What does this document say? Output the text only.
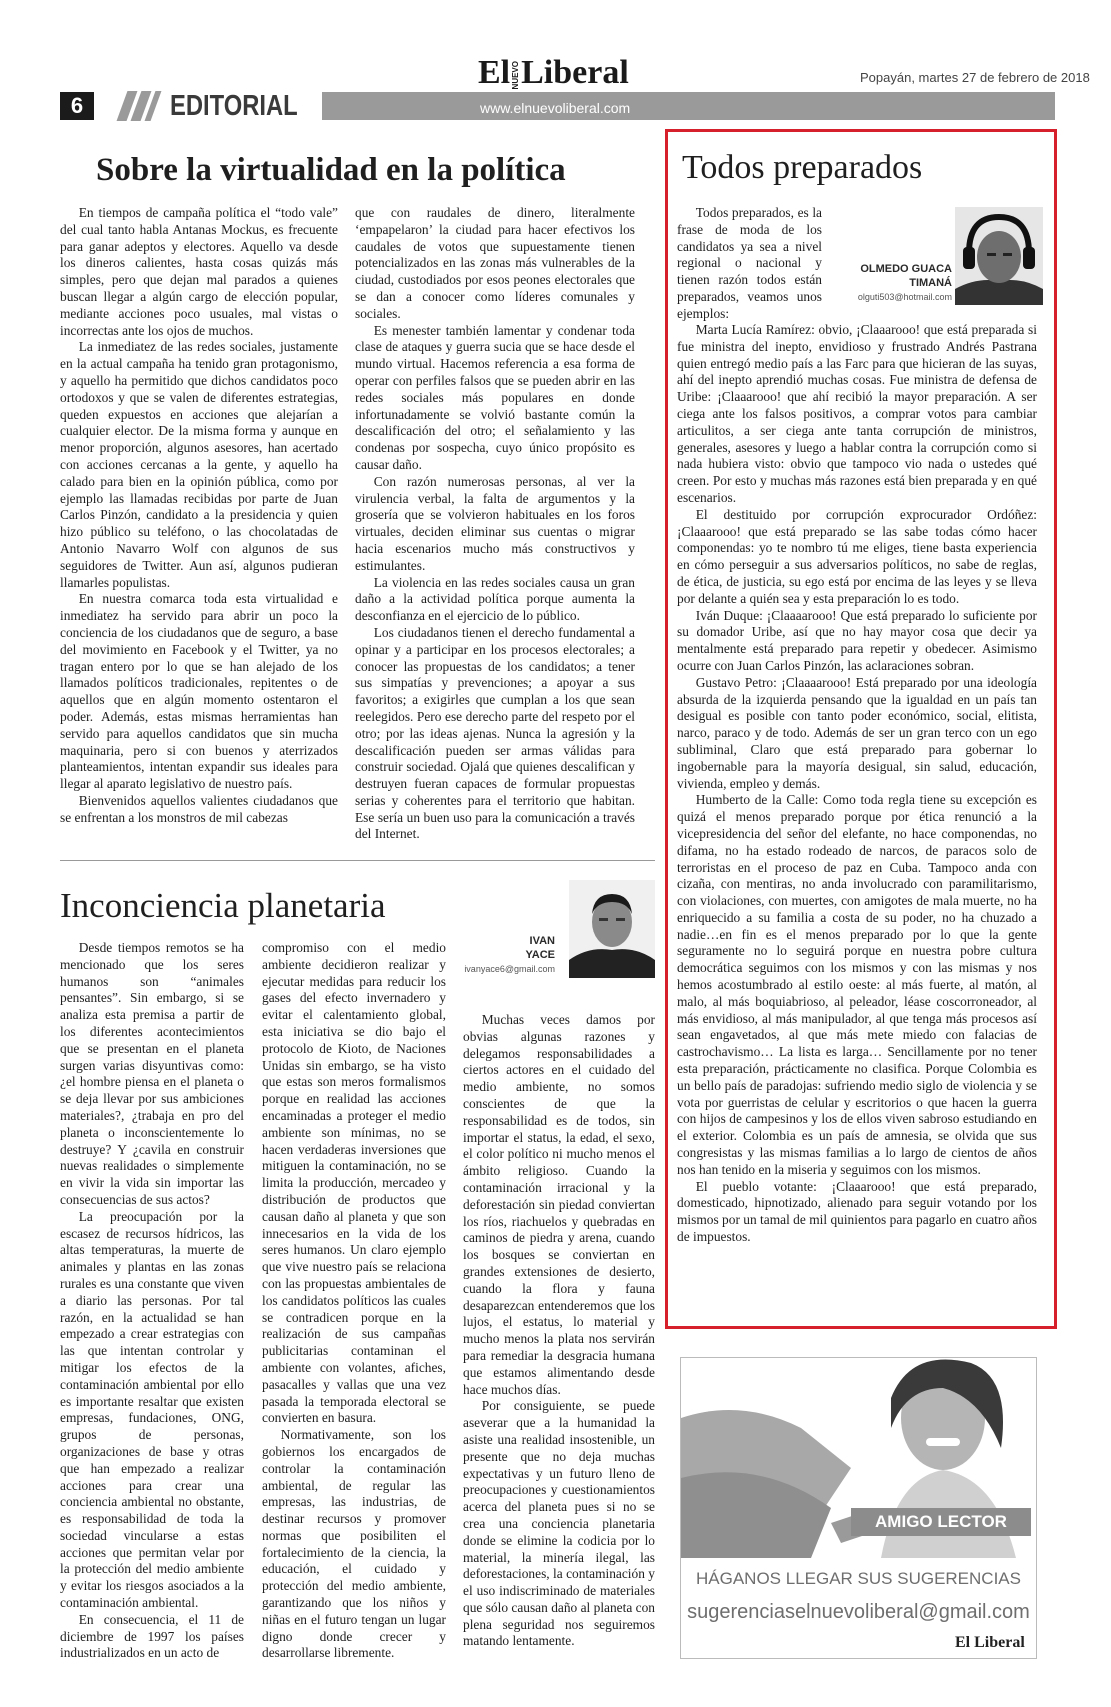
6	EDITORIAL
ElNUEVOLiberal
www.elnuevoliberal.com
Popayán, martes 27 de febrero de 2018
Sobre la virtualidad en la política

En tiempos de campaña política el “todo vale” del cual tanto habla Antanas Mockus, es frecuente para ganar adeptos y electores. Aquello va desde los dineros calientes, hasta cosas quizás más simples, pero que dejan mal parados a quienes buscan llegar a algún cargo de elección popular, mediante acciones poco usuales, mal vistas o incorrectas ante los ojos de muchos.

La inmediatez de las redes sociales, justamente en la actual campaña ha tenido gran protagonismo, y aquello ha permitido que dichos candidatos poco ortodoxos y que se valen de diferentes estrategias, queden expuestos en acciones que alejarían a cualquier elector. De la misma forma y aunque en menor proporción, algunos asesores, han acertado con acciones cercanas a la gente, y aquello ha calado para bien en la opinión pública, como por ejemplo las llamadas recibidas por parte de Juan Carlos Pinzón, candidato a la presidencia y quien hizo público su teléfono, o las chocolatadas de Antonio Navarro Wolf con algunos de sus seguidores de Twitter. Aun así, algunos pudieran llamarles populistas.

En nuestra comarca toda esta virtualidad e inmediatez ha servido para abrir un poco la conciencia de los ciudadanos que de seguro, a base del movimiento en Facebook y el Twitter, ya no tragan entero por lo que se han alejado de los llamados políticos tradicionales, repitentes o de aquellos que en algún momento ostentaron el poder. Además, estas mismas herramientas han servido para aquellos candidatos que sin mucha maquinaria, pero si con buenos y aterrizados planteamientos, intentan expandir sus ideales para llegar al aparato legislativo de nuestro país.

Bienvenidos aquellos valientes ciudadanos que se enfrentan a los monstros de mil cabezas

que con raudales de dinero, literalmente ‘empapelaron’ la ciudad para hacer efectivos los caudales de votos que supuestamente tienen potencializados en las zonas más vulnerables de la ciudad, custodiados por esos peones electorales que se dan a conocer como líderes comunales y sociales.

Es menester también lamentar y condenar toda clase de ataques y guerra sucia que se hace desde el mundo virtual. Hacemos referencia a esa forma de operar con perfiles falsos que se pueden abrir en las redes sociales más populares en donde infortunadamente se volvió bastante común la descalificación del otro; el señalamiento y las condenas por sospecha, cuyo único propósito es causar daño.

Con razón numerosas personas, al ver la virulencia verbal, la falta de argumentos y la grosería que se volvieron habituales en los foros virtuales, deciden eliminar sus cuentas o migrar hacia escenarios mucho más constructivos y estimulantes.

La violencia en las redes sociales causa un gran daño a la actividad política porque aumenta la desconfianza en el ejercicio de lo público.

Los ciudadanos tienen el derecho fundamental a opinar y a participar en los procesos electorales; a conocer las propuestas de los candidatos; a tener sus simpatías y prevenciones; a apoyar a sus favoritos; a exigirles que cumplan a los que sean reelegidos. Pero ese derecho parte del respeto por el otro; por las ideas ajenas. Nunca la agresión y la descalificación pueden ser armas válidas para construir sociedad. Ojalá que quienes descalifican y destruyen fueran capaces de formular propuestas serias y coherentes para el territorio que habitan. Ese sería un buen uso para la comunicación a través del Internet.

Inconciencia planetaria
IVAN
YACE
ivanyace6@gmail.com

Desde tiempos remotos se ha mencionado que los seres humanos son “animales pensantes”. Sin embargo, si se analiza esta premisa a partir de los diferentes acontecimientos que se presentan en el planeta surgen varias disyuntivas como: ¿el hombre piensa en el planeta o se deja llevar por sus ambiciones materiales?, ¿trabaja en pro del planeta o inconscientemente lo destruye? Y ¿cavila en construir nuevas realidades o simplemente en vivir la vida sin importar las consecuencias de sus actos?

La preocupación por la escasez de recursos hídricos, las altas temperaturas, la muerte de animales y plantas en las zonas rurales es una constante que viven a diario las personas. Por tal razón, en la actualidad se han empezado a crear estrategias con las que intentan controlar y mitigar los efectos de la contaminación ambiental por ello es importante resaltar que existen empresas, fundaciones, ONG, grupos de personas, organizaciones de base y otras que han empezado a realizar acciones para crear una conciencia ambiental no obstante, es responsabilidad de toda la sociedad vincularse a estas acciones que permitan velar por la protección del medio ambiente y evitar los riesgos asociados a la contaminación ambiental.

En consecuencia, el 11 de diciembre de 1997 los países industrializados en un acto de

compromiso con el medio ambiente decidieron realizar y ejecutar medidas para reducir los gases del efecto invernadero y evitar el calentamiento global, esta iniciativa se dio bajo el protocolo de Kioto, de Naciones Unidas sin embargo, se ha visto que estas son meros formalismos porque en realidad las acciones encaminadas a proteger el medio ambiente son mínimas, no se hacen verdaderas inversiones que mitiguen la contaminación, no se limita la producción, mercadeo y distribución de productos que causan daño al planeta y que son innecesarios en la vida de los seres humanos. Un claro ejemplo que vive nuestro país se relaciona con las propuestas ambientales de los candidatos políticos las cuales se contradicen porque en la realización de sus campañas publicitarias contaminan el ambiente con volantes, afiches, pasacalles y vallas que una vez pasada la temporada electoral se convierten en basura.

Normativamente, son los gobiernos los encargados de controlar la contaminación ambiental, de regular las empresas, las industrias, de destinar recursos y promover normas que posibiliten el fortalecimiento de la ciencia, la educación, el cuidado y protección del medio ambiente, garantizando que los niños y niñas en el futuro tengan un lugar digno donde crecer y desarrollarse libremente.

Muchas veces damos por obvias algunas razones y delegamos responsabilidades a ciertos actores en el cuidado del medio ambiente, no somos conscientes de que la responsabilidad es de todos, sin importar el status, la edad, el sexo, el color político ni mucho menos el ámbito religioso. Cuando la contaminación irracional y la deforestación sin piedad conviertan los ríos, riachuelos y quebradas en caminos de piedra y arena, cuando los bosques se conviertan en grandes extensiones de desierto, cuando la flora y fauna desaparezcan entenderemos que los lujos, el estatus, lo material y mucho menos la plata nos servirán para remediar la desgracia humana que estamos alimentando desde hace muchos días.

Por consiguiente, se puede aseverar que a la humanidad la asiste una realidad insostenible, un presente que no deja muchas expectativas y un futuro lleno de preocupaciones y cuestionamientos acerca del planeta pues si no se crea una conciencia planetaria donde se elimine la codicia por lo material, la minería ilegal, las deforestaciones, la contaminación y el uso indiscriminado de materiales que sólo causan daño al planeta con plena seguridad nos seguiremos matando lentamente.

Todos preparados
OLMEDO GUACA
TIMANÁ
olguti503@hotmail.com

Todos preparados, es la frase de moda de los candidatos ya sea a nivel regional o nacional y tienen razón todos están preparados, veamos unos ejemplos:

Marta Lucía Ramírez: obvio, ¡Claaarooo! que está preparada si fue ministra del inepto, envidioso y frustrado Andrés Pastrana quien entregó medio país a las Farc para que hicieran de las suyas, ahí del inepto aprendió muchas cosas. Fue ministra de defensa de Uribe: ¡Claaarooo! que ahí recibió la mayor preparación. A ser ciega ante los falsos positivos, a comprar votos para cambiar articulitos, a ser ciega ante tanta corrupción de ministros, generales, asesores y luego a hablar contra la corrupción como si nada hubiera visto: obvio que tampoco vio nada o ustedes qué creen. Por esto y muchas más razones está bien preparada y en qué escenarios.

El destituido por corrupción exprocurador Ordóñez: ¡Claaarooo! que está preparado se las sabe todas cómo hacer componendas: yo te nombro tú me eliges, tiene basta experiencia en cómo perseguir a sus adversarios políticos, no sabe de reglas, de ética, de justicia, su ego está por encima de las leyes y se lleva por delante a quién sea y esta preparación lo es todo.

Iván Duque: ¡Claaaarooo! Que está preparado lo suficiente por su domador Uribe, así que no hay mayor cosa que decir ya mentalmente está preparado para repetir y obedecer. Asimismo ocurre con Juan Carlos Pinzón, las aclaraciones sobran.

Gustavo Petro: ¡Claaaarooo! Está preparado por una ideología absurda de la izquierda pensando que la igualdad en un país tan desigual es posible con tanto poder económico, social, elitista, narco, paraco y de todo. Además de ser un gran terco con un ego subliminal, Claro que está preparado para gobernar lo ingobernable para la mayoría desigual, sin salud, educación, vivienda, empleo y demás.

Humberto de la Calle: Como toda regla tiene su excepción es quizá el menos preparado porque por ética renunció a la vicepresidencia del señor del elefante, no hace componendas, no difama, no ha estado rodeado de narcos, de paracos solo de terroristas en el proceso de paz en Cuba. Tampoco anda con cizaña, con mentiras, no anda involucrado con paramilitarismo, con violaciones, con muertes, con amigotes de mala muerte, no ha enriquecido a su familia a costa de su poder, no ha chuzado a nadie…en fin es el menos preparado por lo que la gente seguramente no lo seguirá porque en nuestra pobre cultura democrática seguimos con los mismos y con las mismas y nos hemos acostumbrado al estilo oeste: al más fuerte, al matón, al malo, al más boquiabrioso, al peleador, léase coscorroneador, al más envidioso, al más manipulador, al que tenga más procesos así sean engavetados, al que más mete miedo con falacias de castrochavismo… La lista es larga… Sencillamente por no tener esta preparación, prácticamente no clasifica. Porque Colombia es un bello país de paradojas: sufriendo medio siglo de violencia y se vota por guerristas de celular y escritorios o que hacen la guerra con hijos de campesinos y los de ellos viven sabroso estudiando en el exterior. Colombia es un país de amnesia, se olvida que sus congresistas y las mismas familias a lo largo de cientos de años nos han tenido en la miseria y seguimos con los mismos.

El pueblo votante: ¡Claaarooo! que está preparado, domesticado, hipnotizado, alienado para seguir votando por los mismos por un tamal de mil quinientos para pagarlo en cuatro años de impuestos.

AMIGO LECTOR
HÁGANOS LLEGAR SUS SUGERENCIAS
sugerenciaselnuevoliberal@gmail.com
El Liberal
